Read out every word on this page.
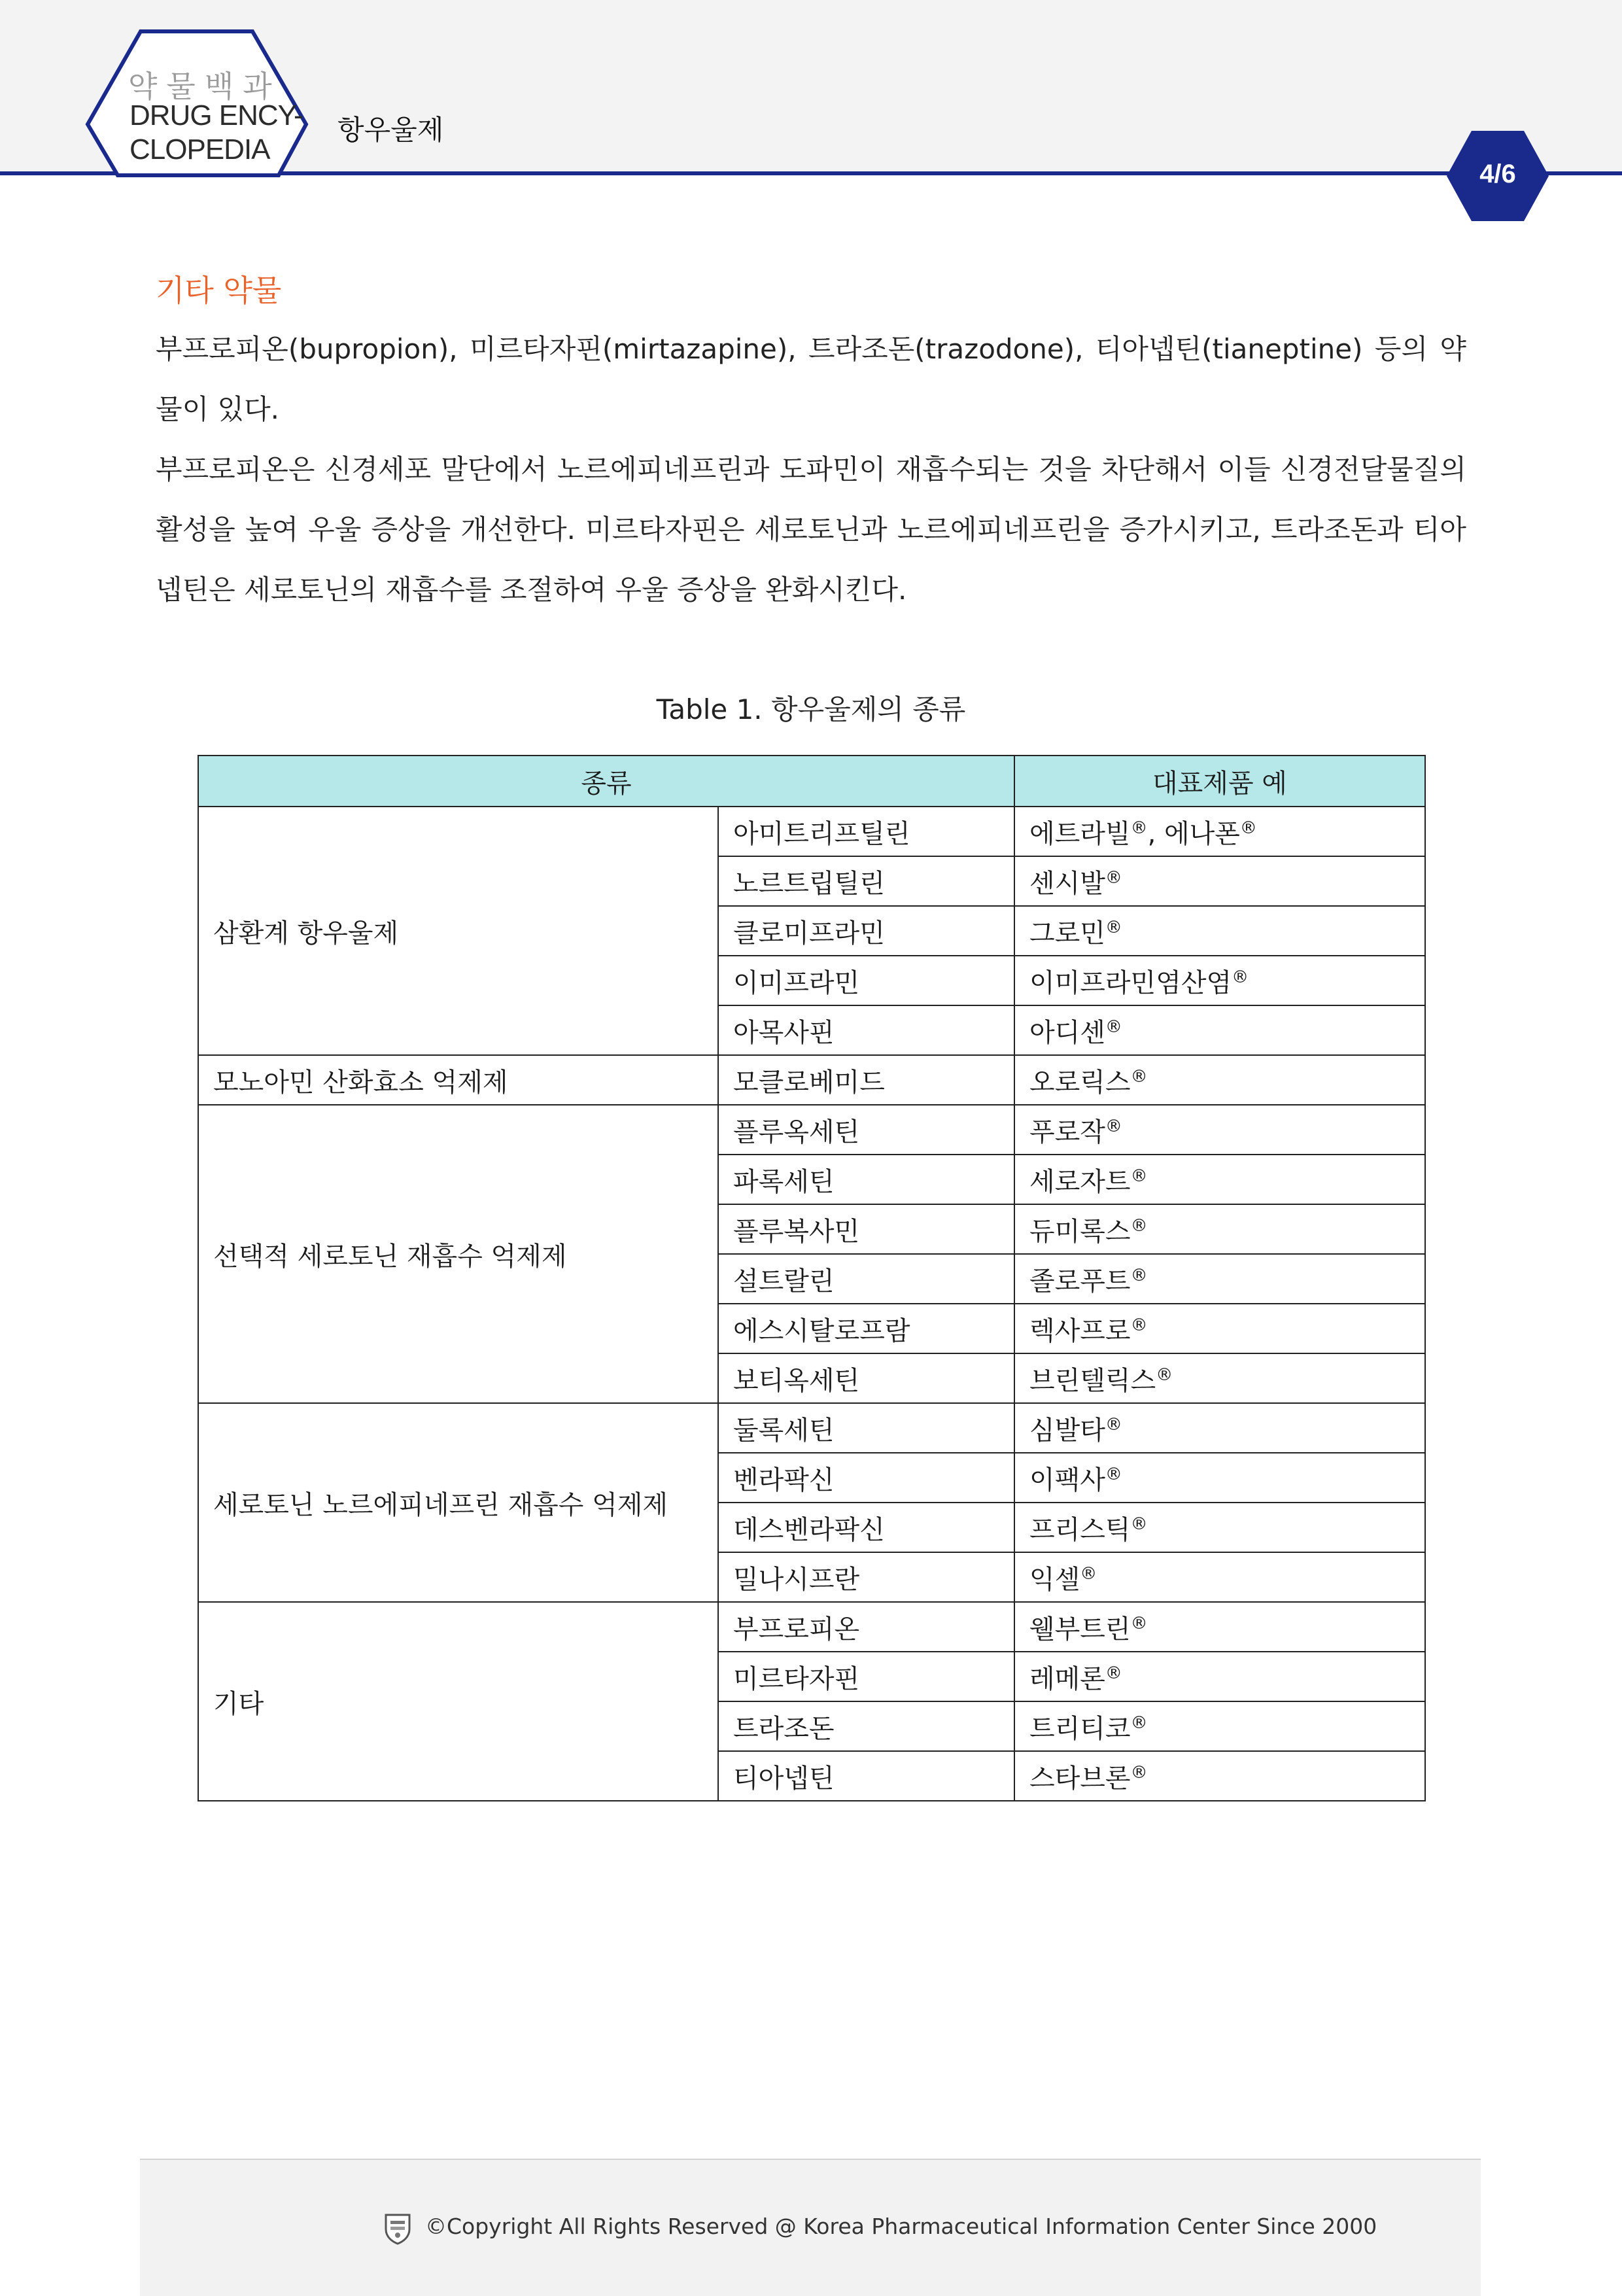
약물백과
DRUG ENCY-
CLOPEDIA
항우울제
4/6
기타 약물
부프로피온(bupropion), 미르타자핀(mirtazapine), 트라조돈(trazodone), 티아넵틴(tianeptine) 등의 약물이 있다.
부프로피온은 신경세포 말단에서 노르에피네프린과 도파민이 재흡수되는 것을 차단해서 이들 신경전달물질의 활성을 높여 우울 증상을 개선한다. 미르타자핀은 세로토닌과 노르에피네프린을 증가시키고, 트라조돈과 티아넵틴은 세로토닌의 재흡수를 조절하여 우울 증상을 완화시킨다.
Table 1. 항우울제의 종류
종류		대표제품 예
삼환계 항우울제	아미트리프틸린	에트라빌®, 에나폰®
	노르트립틸린	센시발®
	클로미프라민	그로민®
	이미프라민	이미프라민염산염®
	아목사핀	아디센®
모노아민 산화효소 억제제	모클로베미드	오로릭스®
선택적 세로토닌 재흡수 억제제	플루옥세틴	푸로작®
	파록세틴	세로자트®
	플루복사민	듀미록스®
	설트랄린	졸로푸트®
	에스시탈로프람	렉사프로®
	보티옥세틴	브린텔릭스®
세로토닌 노르에피네프린 재흡수 억제제	둘록세틴	심발타®
	벤라팍신	이팩사®
	데스벤라팍신	프리스틱®
	밀나시프란	익셀®
기타	부프로피온	웰부트린®
	미르타자핀	레메론®
	트라조돈	트리티코®
	티아넵틴	스타브론®
©Copyright All Rights Reserved @ Korea Pharmaceutical Information Center Since 2000
